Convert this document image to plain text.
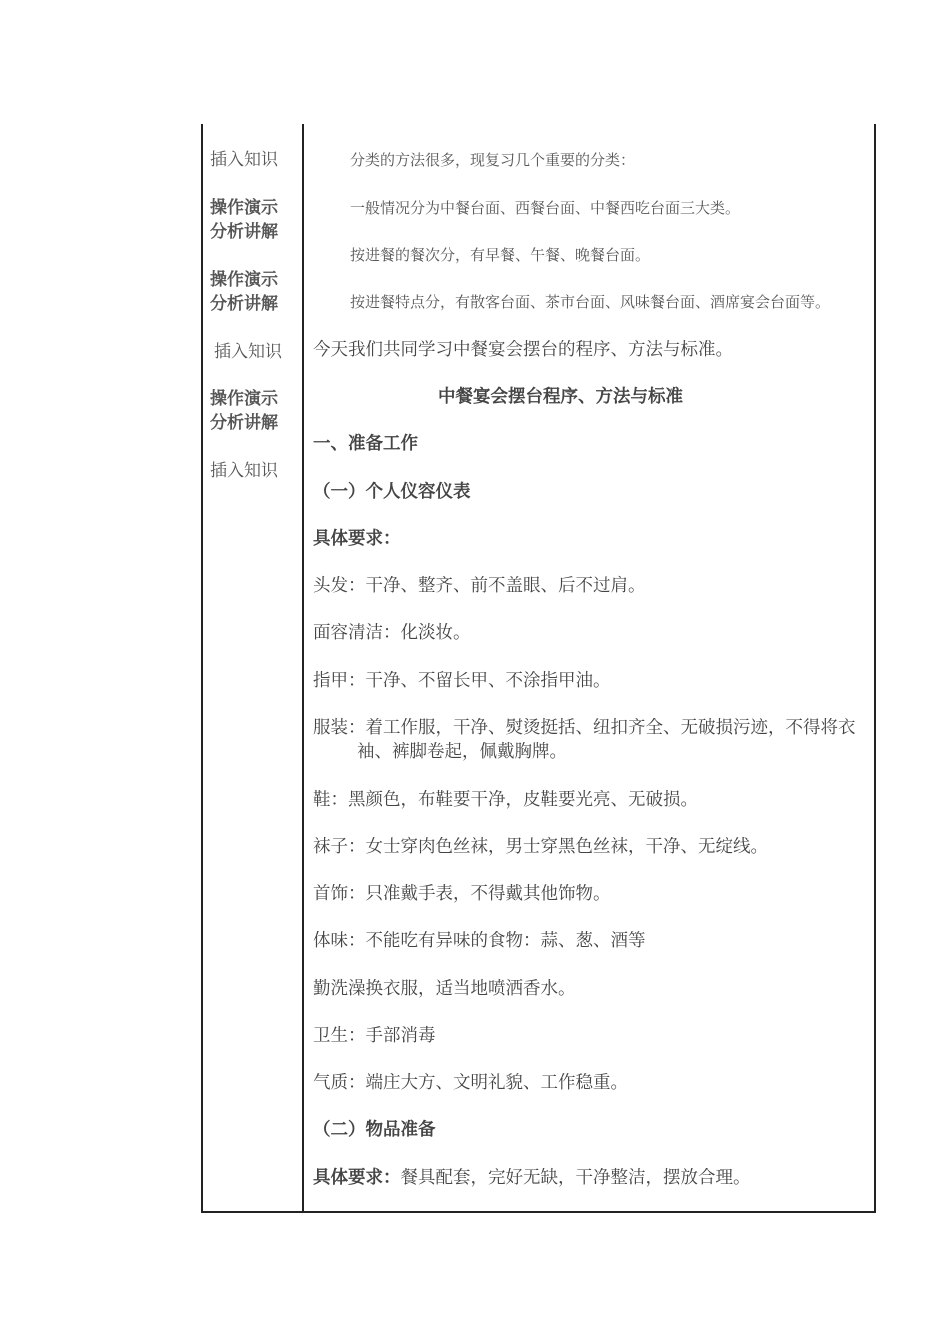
插入知识
操作演示
分析讲解
操作演示
分析讲解
插入知识
操作演示
分析讲解
插入知识
分类的方法很多，现复习几个重要的分类：
一般情况分为中餐台面、西餐台面、中餐西吃台面三大类。
按进餐的餐次分，有早餐、午餐、晚餐台面。
按进餐特点分，有散客台面、茶市台面、风味餐台面、酒席宴会台面等。
今天我们共同学习中餐宴会摆台的程序、方法与标准。
中餐宴会摆台程序、方法与标准
一、准备工作
（一）个人仪容仪表
具体要求：
头发：干净、整齐、前不盖眼、后不过肩。
面容清洁：化淡妆。
指甲：干净、不留长甲、不涂指甲油。
服装：着工作服，干净、熨烫挺括、纽扣齐全、无破损污迹，不得将衣
袖、裤脚卷起，佩戴胸牌。
鞋：黑颜色，布鞋要干净，皮鞋要光亮、无破损。
袜子：女士穿肉色丝袜，男士穿黑色丝袜，干净、无绽线。
首饰：只准戴手表，不得戴其他饰物。
体味：不能吃有异味的食物：蒜、葱、酒等
勤洗澡换衣服，适当地喷洒香水。
卫生：手部消毒
气质：端庄大方、文明礼貌、工作稳重。
（二）物品准备
具体要求：餐具配套，完好无缺，干净整洁，摆放合理。
